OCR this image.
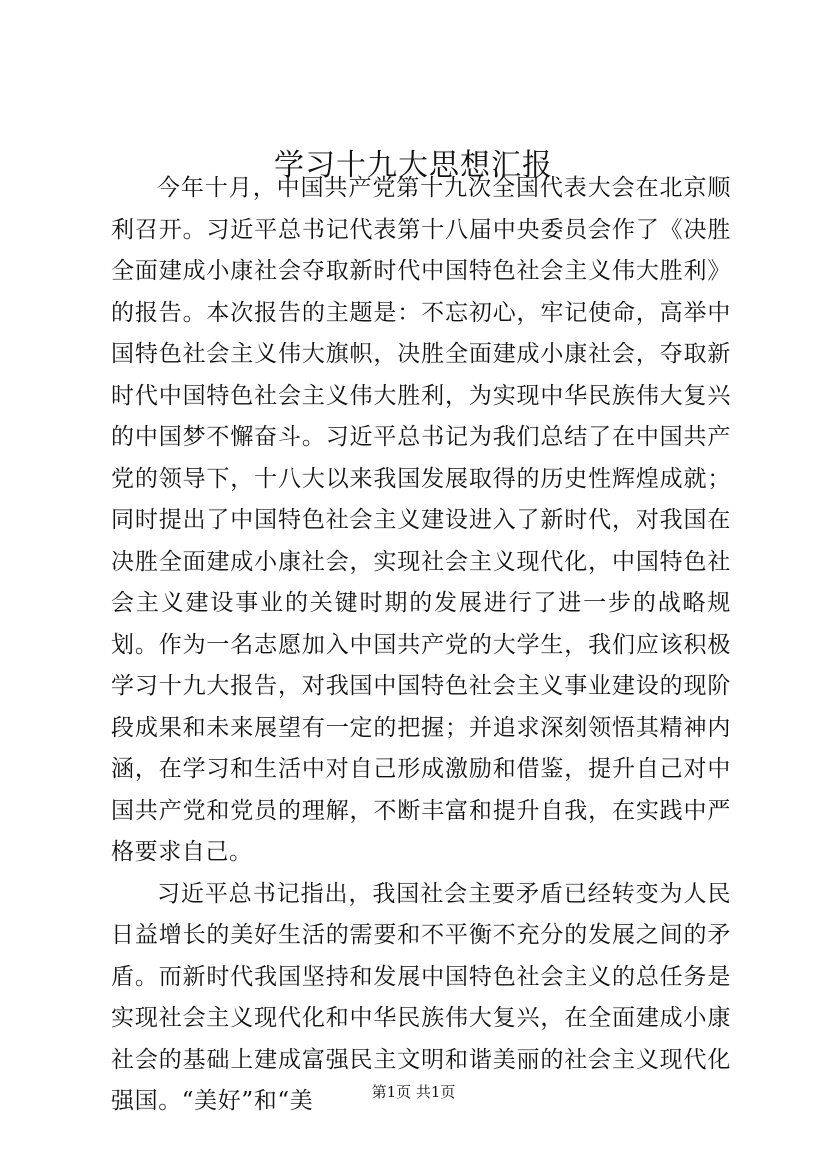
学习十九大思想汇报

今年十月，中国共产党第十九次全国代表大会在北京顺利召开。习近平总书记代表第十八届中央委员会作了《决胜全面建成小康社会夺取新时代中国特色社会主义伟大胜利》的报告。本次报告的主题是：不忘初心，牢记使命，高举中国特色社会主义伟大旗帜，决胜全面建成小康社会，夺取新时代中国特色社会主义伟大胜利，为实现中华民族伟大复兴的中国梦不懈奋斗。习近平总书记为我们总结了在中国共产党的领导下，十八大以来我国发展取得的历史性辉煌成就；同时提出了中国特色社会主义建设进入了新时代，对我国在决胜全面建成小康社会，实现社会主义现代化，中国特色社会主义建设事业的关键时期的发展进行了进一步的战略规划。作为一名志愿加入中国共产党的大学生，我们应该积极学习十九大报告，对我国中国特色社会主义事业建设的现阶段成果和未来展望有一定的把握；并追求深刻领悟其精神内涵，在学习和生活中对自己形成激励和借鉴，提升自己对中国共产党和党员的理解，不断丰富和提升自我，在实践中严格要求自己。

习近平总书记指出，我国社会主要矛盾已经转变为人民日益增长的美好生活的需要和不平衡不充分的发展之间的矛盾。而新时代我国坚持和发展中国特色社会主义的总任务是实现社会主义现代化和中华民族伟大复兴，在全面建成小康社会的基础上建成富强民主文明和谐美丽的社会主义现代化强国。“美好”和“美	第1页 共1页
